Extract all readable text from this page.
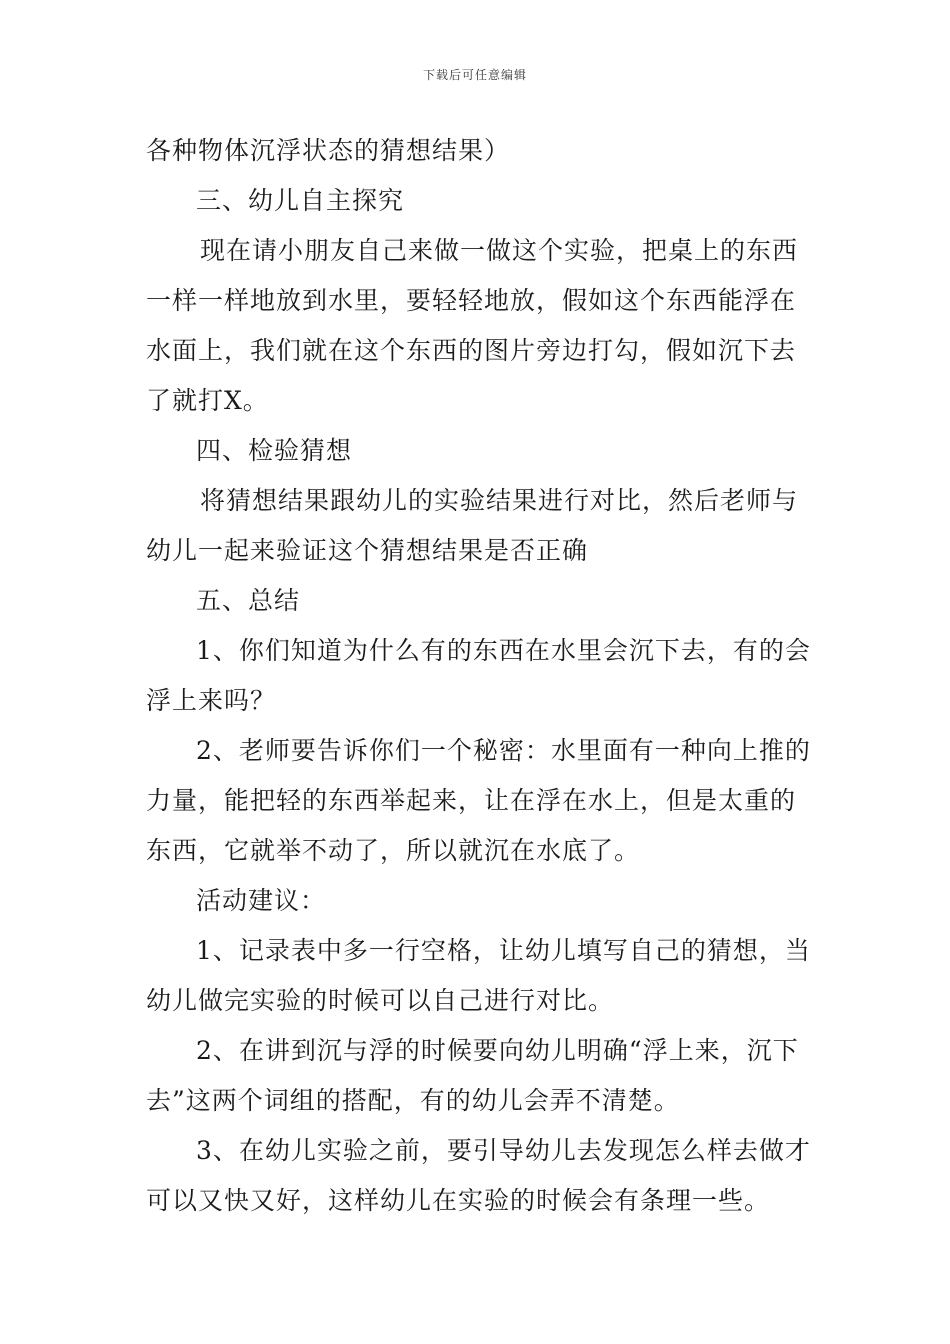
下载后可任意编辑
各种物体沉浮状态的猜想结果）
三、幼儿自主探究
现在请小朋友自己来做一做这个实验，把桌上的东西
一样一样地放到水里，要轻轻地放，假如这个东西能浮在
水面上，我们就在这个东西的图片旁边打勾，假如沉下去
了就打X。
四、检验猜想
将猜想结果跟幼儿的实验结果进行对比，然后老师与
幼儿一起来验证这个猜想结果是否正确
五、总结
1、你们知道为什么有的东西在水里会沉下去，有的会
浮上来吗？
2、老师要告诉你们一个秘密：水里面有一种向上推的
力量，能把轻的东西举起来，让在浮在水上，但是太重的
东西，它就举不动了，所以就沉在水底了。
活动建议：
1、记录表中多一行空格，让幼儿填写自己的猜想，当
幼儿做完实验的时候可以自己进行对比。
2、在讲到沉与浮的时候要向幼儿明确“浮上来，沉下
去”这两个词组的搭配，有的幼儿会弄不清楚。
3、在幼儿实验之前，要引导幼儿去发现怎么样去做才
可以又快又好，这样幼儿在实验的时候会有条理一些。
